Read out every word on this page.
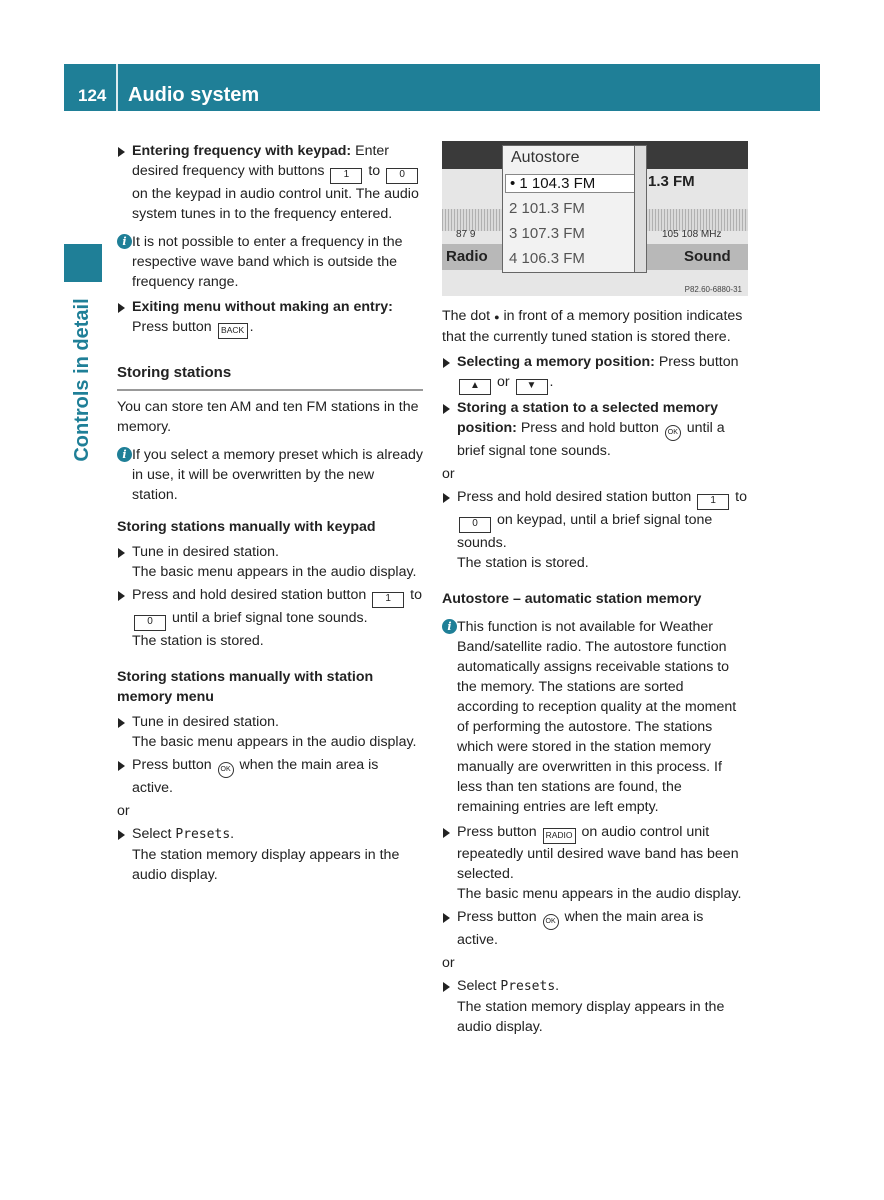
124 Audio system
Controls in detail
Entering frequency with keypad: Enter desired frequency with buttons 1 to 0 on the keypad in audio control unit. The audio system tunes in to the frequency entered.
i It is not possible to enter a frequency in the respective wave band which is outside the frequency range.
Exiting menu without making an entry: Press button BACK .
Storing stations
You can store ten AM and ten FM stations in the memory.
i If you select a memory preset which is already in use, it will be overwritten by the new station.
Storing stations manually with keypad
Tune in desired station.
The basic menu appears in the audio display.
Press and hold desired station button 1 to 0 until a brief signal tone sounds.
The station is stored.
Storing stations manually with station memory menu
Tune in desired station.
The basic menu appears in the audio display.
Press button OK when the main area is active.
or
Select Presets.
The station memory display appears in the audio display.
87 9	105 108 MHz
Radio	Sound
1.3 FM
Autostore
• 1 104.3 FM
2 101.3 FM
3 107.3 FM
4 106.3 FM
P82.60-6880-31
The dot ● in front of a memory position indicates that the currently tuned station is stored there.
Selecting a memory position: Press button ▲ or ▼ .
Storing a station to a selected memory position: Press and hold button OK until a brief signal tone sounds.
or
Press and hold desired station button 1 to 0 on keypad, until a brief signal tone sounds.
The station is stored.
Autostore – automatic station memory
i This function is not available for Weather Band/satellite radio. The autostore function automatically assigns receivable stations to the memory. The stations are sorted according to reception quality at the moment of performing the autostore. The stations which were stored in the station memory manually are overwritten in this process. If less than ten stations are found, the remaining entries are left empty.
Press button RADIO on audio control unit repeatedly until desired wave band has been selected.
The basic menu appears in the audio display.
Press button OK when the main area is active.
or
Select Presets.
The station memory display appears in the audio display.
